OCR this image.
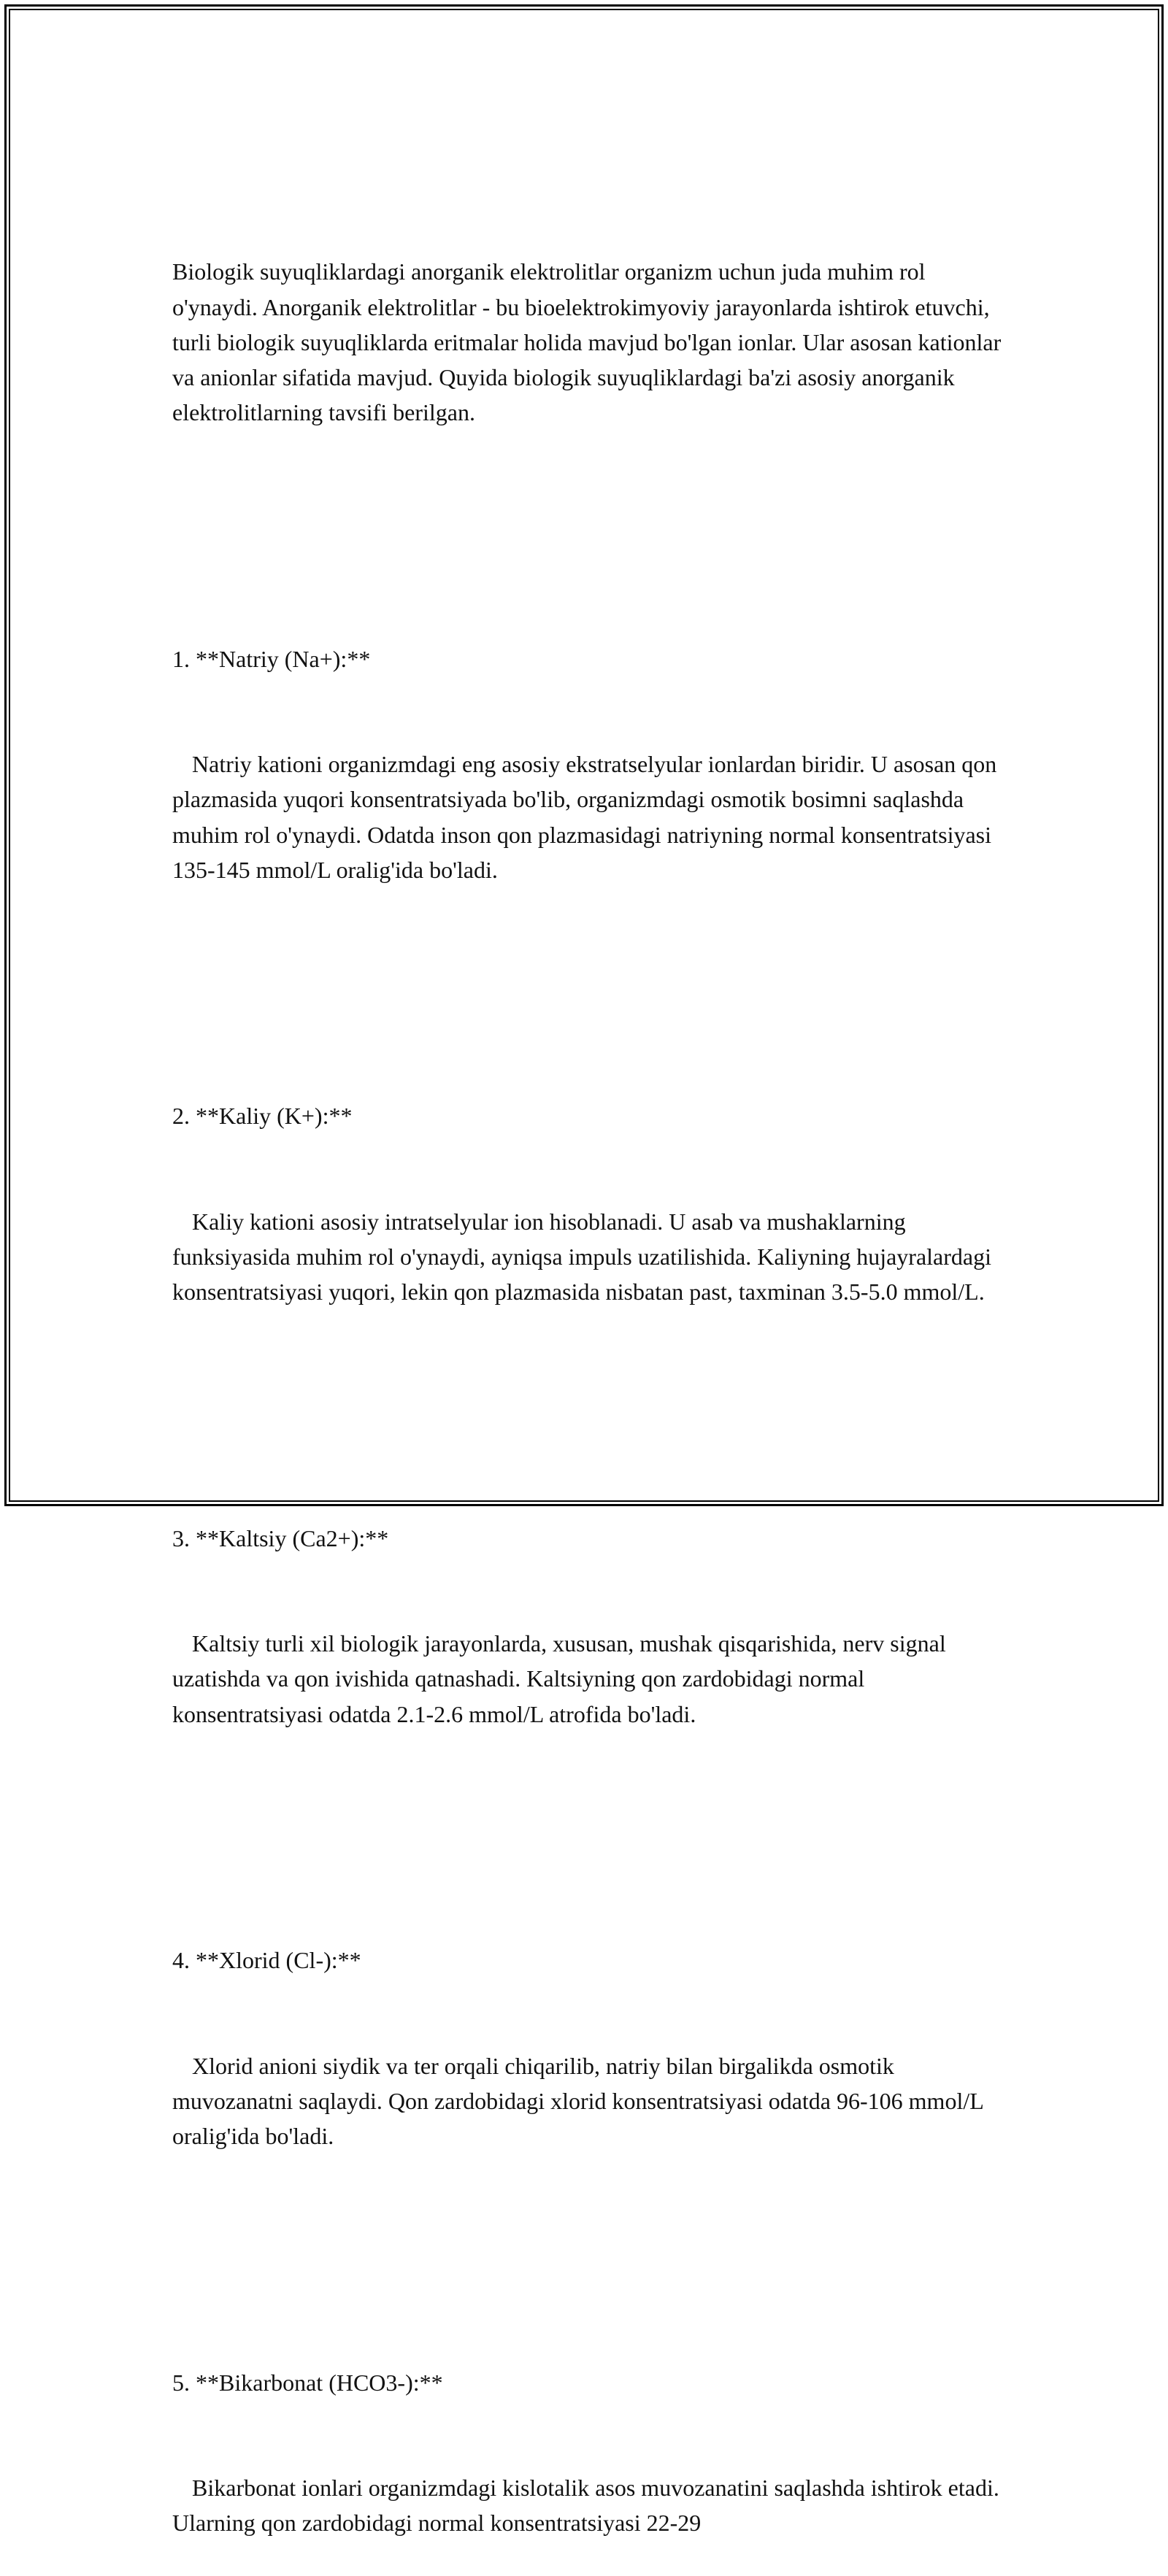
Biologik suyuqliklardagi anorganik elektrolitlar organizm uchun juda muhim rol o'ynaydi. Anorganik elektrolitlar - bu bioelektrokimyoviy jarayonlarda ishtirok etuvchi, turli biologik suyuqliklarda eritmalar holida mavjud bo'lgan ionlar. Ular asosan kationlar va anionlar sifatida mavjud. Quyida biologik suyuqliklardagi ba'zi asosiy anorganik elektrolitlarning tavsifi berilgan.

1. **Natriy (Na+):**

Natriy kationi organizmdagi eng asosiy ekstratselyular ionlardan biridir. U asosan qon plazmasida yuqori konsentratsiyada bo'lib, organizmdagi osmotik bosimni saqlashda muhim rol o'ynaydi. Odatda inson qon plazmasidagi natriyning normal konsentratsiyasi 135-145 mmol/L oralig'ida bo'ladi.

2. **Kaliy (K+):**

Kaliy kationi asosiy intratselyular ion hisoblanadi. U asab va mushaklarning funksiyasida muhim rol o'ynaydi, ayniqsa impuls uzatilishida. Kaliyning hujayralardagi konsentratsiyasi yuqori, lekin qon plazmasida nisbatan past, taxminan 3.5-5.0 mmol/L.

3. **Kaltsiy (Ca2+):**

Kaltsiy turli xil biologik jarayonlarda, xususan, mushak qisqarishida, nerv signal uzatishda va qon ivishida qatnashadi. Kaltsiyning qon zardobidagi normal konsentratsiyasi odatda 2.1-2.6 mmol/L atrofida bo'ladi.

4. **Xlorid (Cl-):**

Xlorid anioni siydik va ter orqali chiqarilib, natriy bilan birgalikda osmotik muvozanatni saqlaydi. Qon zardobidagi xlorid konsentratsiyasi odatda 96-106 mmol/L oralig'ida bo'ladi.

5. **Bikarbonat (HCO3-):**

Bikarbonat ionlari organizmdagi kislotalik asos muvozanatini saqlashda ishtirok etadi. Ularning qon zardobidagi normal konsentratsiyasi 22-29
